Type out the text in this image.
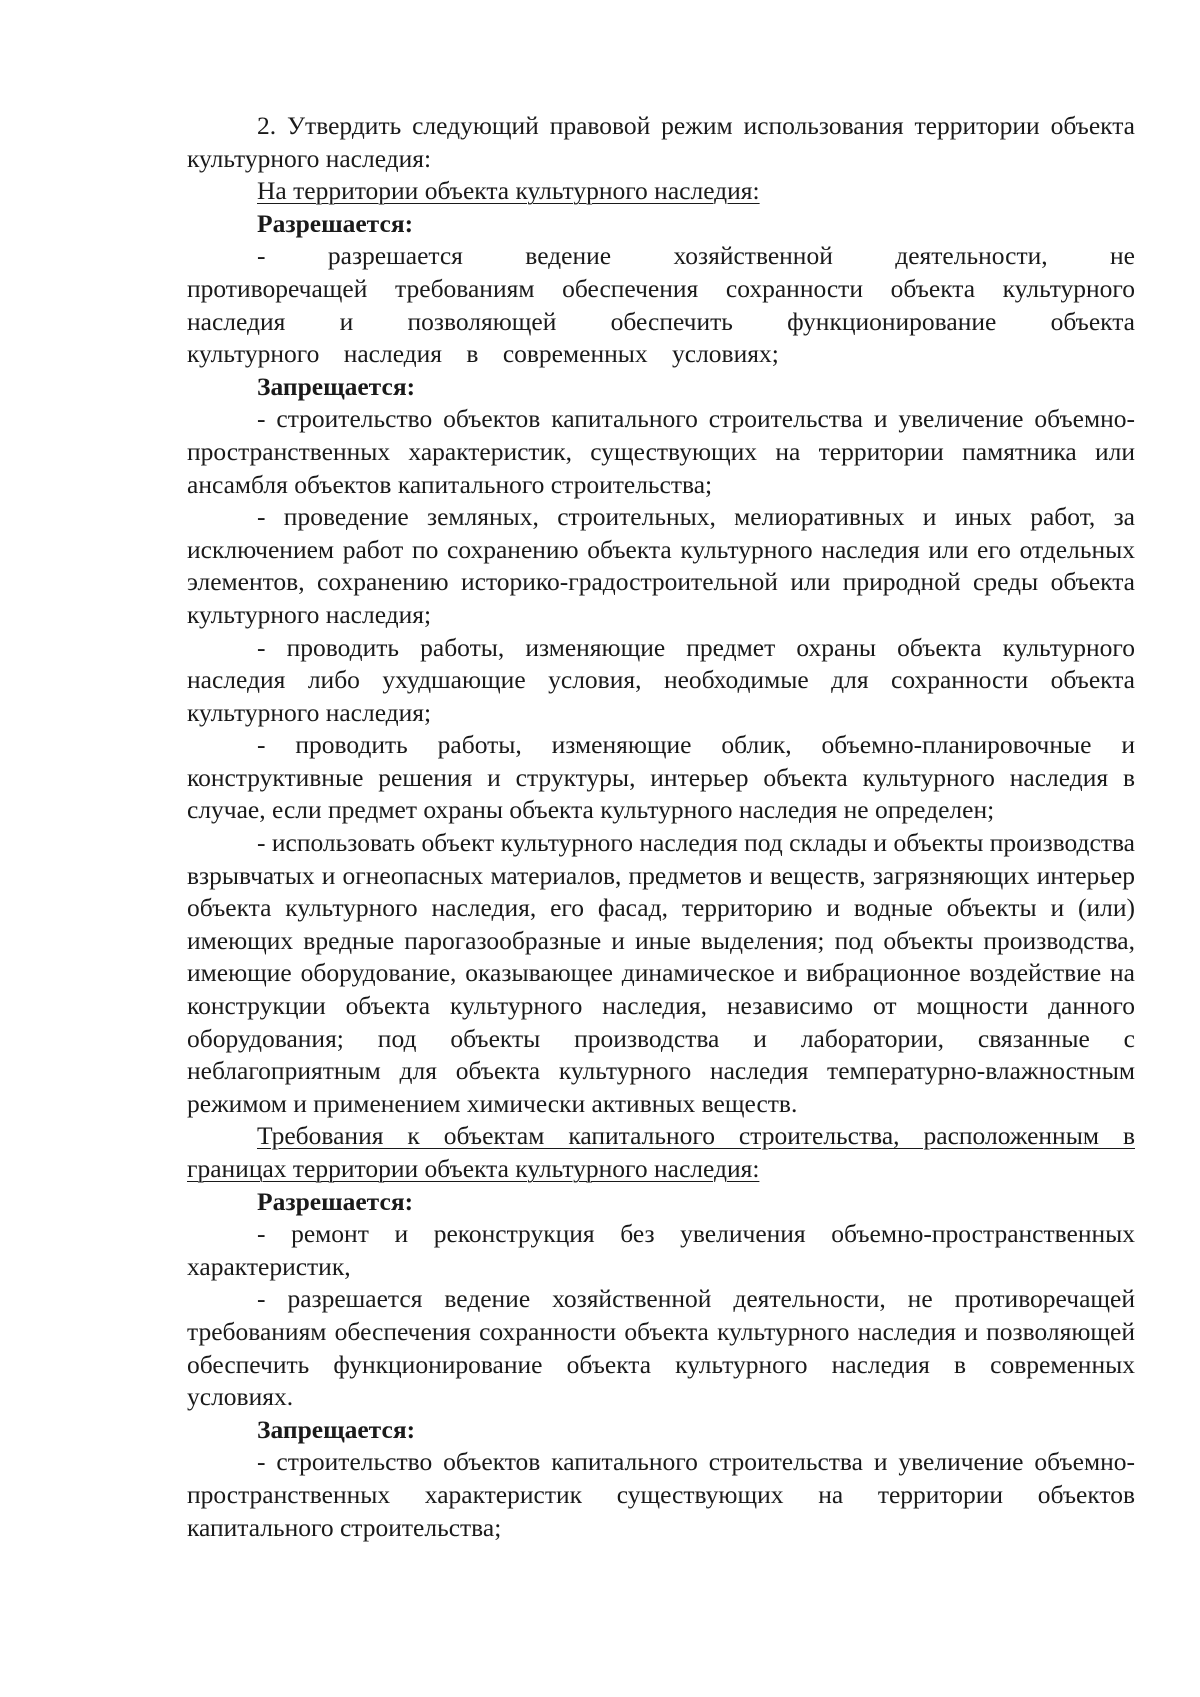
2. Утвердить следующий правовой режим использования территории объекта культурного наследия:

На территории объекта культурного наследия:

Разрешается:

- разрешается ведение хозяйственной деятельности, не противоречащей требованиям обеспечения сохранности объекта культурного наследия и позволяющей обеспечить функционирование объекта культурного наследия в современных условиях;

Запрещается:

- строительство объектов капитального строительства и увеличение объемно-пространственных характеристик, существующих на территории памятника или ансамбля объектов капитального строительства;

- проведение земляных, строительных, мелиоративных и иных работ, за исключением работ по сохранению объекта культурного наследия или его отдельных элементов, сохранению историко-градостроительной или природной среды объекта культурного наследия;

- проводить работы, изменяющие предмет охраны объекта культурного наследия либо ухудшающие условия, необходимые для сохранности объекта культурного наследия;

- проводить работы, изменяющие облик, объемно-планировочные и конструктивные решения и структуры, интерьер объекта культурного наследия в случае, если предмет охраны объекта культурного наследия не определен;

- использовать объект культурного наследия под склады и объекты производства взрывчатых и огнеопасных материалов, предметов и веществ, загрязняющих интерьер объекта культурного наследия, его фасад, территорию и водные объекты и (или) имеющих вредные парогазообразные и иные выделения; под объекты производства, имеющие оборудование, оказывающее динамическое и вибрационное воздействие на конструкции объекта культурного наследия, независимо от мощности данного оборудования; под объекты производства и лаборатории, связанные с неблагоприятным для объекта культурного наследия температурно-влажностным режимом и применением химически активных веществ.

Требования к объектам капитального строительства, расположенным в границах территории объекта культурного наследия:

Разрешается:

- ремонт и реконструкция без увеличения объемно-пространственных характеристик,

- разрешается ведение хозяйственной деятельности, не противоречащей требованиям обеспечения сохранности объекта культурного наследия и позволяющей обеспечить функционирование объекта культурного наследия в современных условиях.

Запрещается:

- строительство объектов капитального строительства и увеличение объемно-пространственных характеристик существующих на территории объектов капитального строительства;
